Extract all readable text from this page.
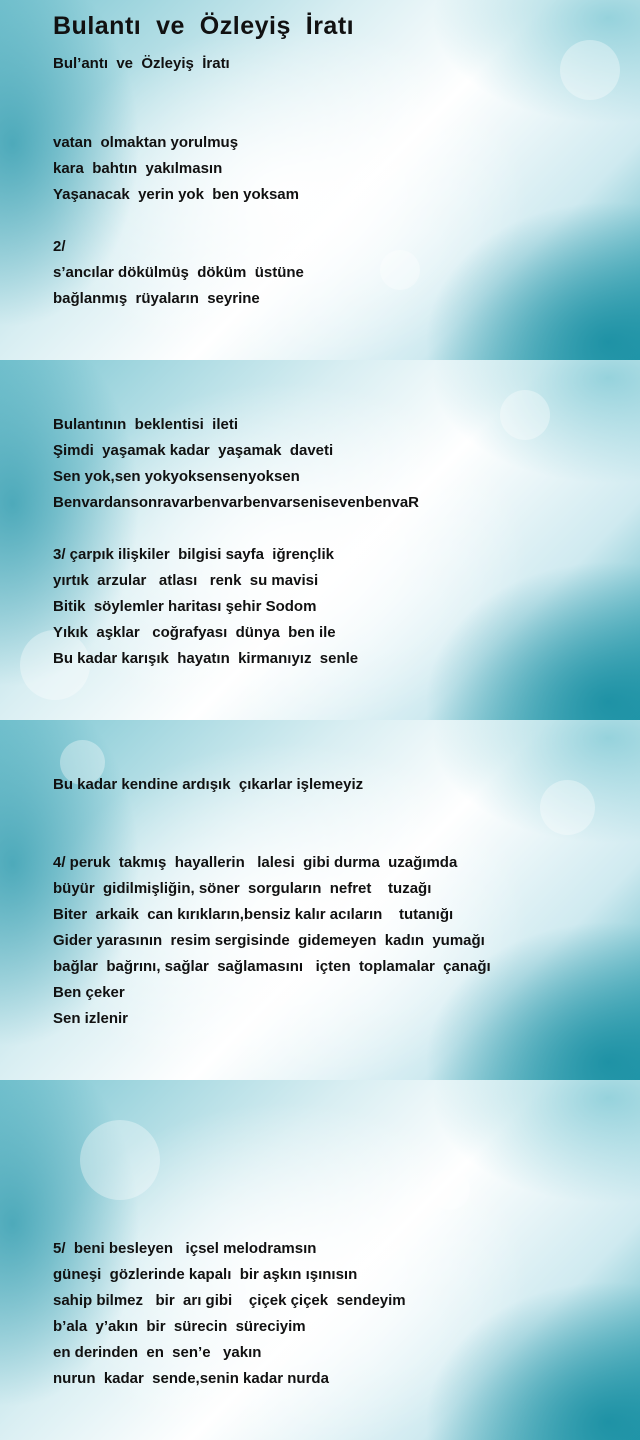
Bulantı  ve  Özleyiş  İratı
Bul’antı  ve  Özleyiş  İratı
vatan  olmaktan yorulmuş
kara  bahtın  yakılmasın
Yaşanacak  yerin yok  ben yoksam
2/
s’ancılar dökülmüş  döküm  üstüne
bağlanmış  rüyaların  seyrine
Bulantının  beklentisi  ileti
Şimdi  yaşamak kadar  yaşamak  daveti
Sen yok,sen yokyoksensenyoksen
BenvardansonravarbenvarbenvarsenisevenbenvaR
3/ çarpık ilişkiler  bilgisi sayfa  iğrençlik
yırtık  arzular   atlası   renk  su mavisi
Bitik  söylemler haritası şehir Sodom
Yıkık  aşklar   coğrafyası  dünya  ben ile
Bu kadar karışık  hayatın  kirmanıyız  senle
Bu kadar kendine ardışık  çıkarlar işlemeyiz
4/ peruk  takmış  hayallerin   lalesi  gibi durma  uzağımda
büyür  gidilmişliğin, söner  sorguların  nefret    tuzağı
Biter  arkaik  can kırıkların,bensiz kalır acıların    tutanığı
Gider yarasının  resim sergisinde  gidemeyen  kadın  yumağı
bağlar  bağrını, sağlar  sağlamasını   içten  toplamalar  çanağı
Ben çeker
Sen izlenir
5/  beni besleyen   içsel melodramsın
güneşi  gözlerinde kapalı  bir aşkın ışınısın
sahip bilmez   bir  arı gibi    çiçek çiçek  sendeyim
b’ala  y’akın  bir  sürecin  süreciyim
en derinden  en  sen’e   yakın
nurun  kadar  sende,senin kadar nurda
